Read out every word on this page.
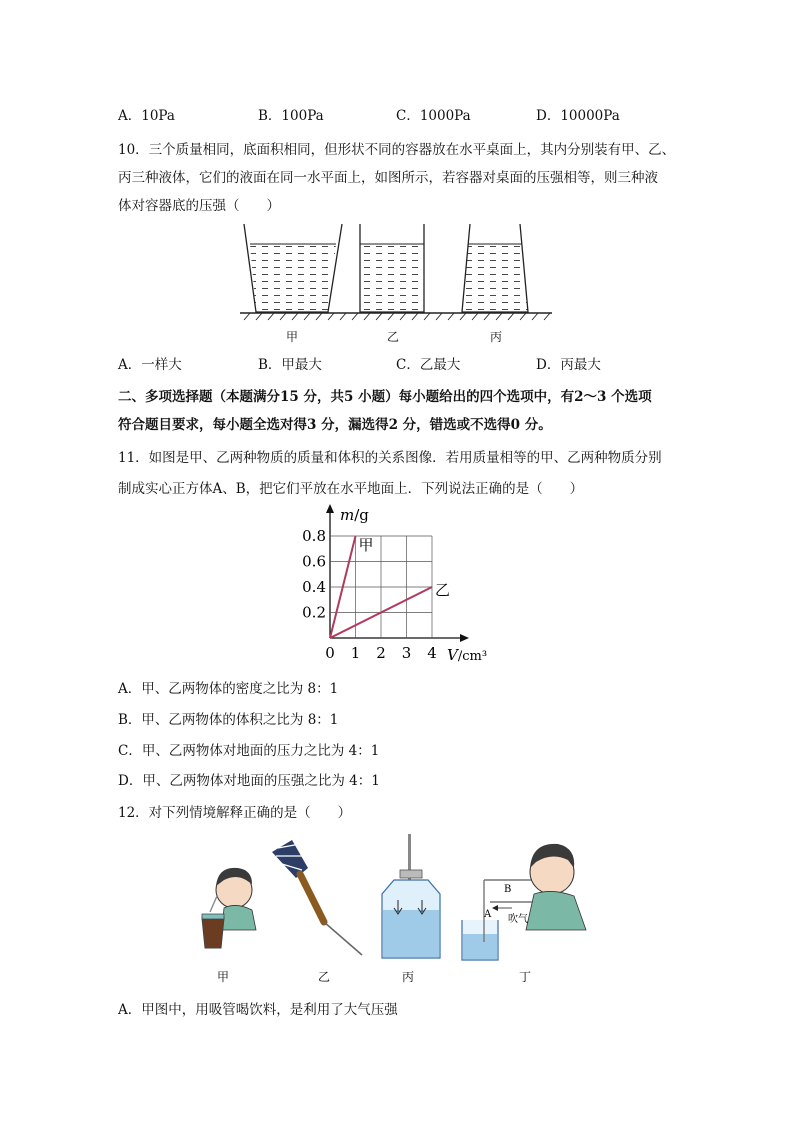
A．10Pa	B．100Pa	C．1000Pa	D．10000Pa
10．三个质量相同，底面积相同，但形状不同的容器放在水平桌面上，其内分别装有甲、乙、
丙三种液体，它们的液面在同一水平面上，如图所示，若容器对桌面的压强相等，则三种液
体对容器底的压强（　　）
甲	乙	丙
A．一样大	B．甲最大	C．乙最大	D．丙最大
二、多项选择题（本题满分15 分，共5 小题）每小题给出的四个选项中，有2～3 个选项
符合题目要求，每小题全选对得3 分，漏选得2 分，错选或不选得0 分。
11．如图是甲、乙两种物质的质量和体积的关系图像．若用质量相等的甲、乙两种物质分别
制成实心正方体A、B，把它们平放在水平地面上．下列说法正确的是（　　）
甲
乙
0 1 2 3 4
0.2
0.4
0.6
0.8
m/g
V/cm³
A．甲、乙两物体的密度之比为 8：1
B．甲、乙两物体的体积之比为 8：1
C．甲、乙两物体对地面的压力之比为 4：1
D．甲、乙两物体对地面的压强之比为 4：1
12．对下列情境解释正确的是（　　）
B
A 吹气
甲	乙	丙	丁
A．甲图中，用吸管喝饮料，是利用了大气压强
